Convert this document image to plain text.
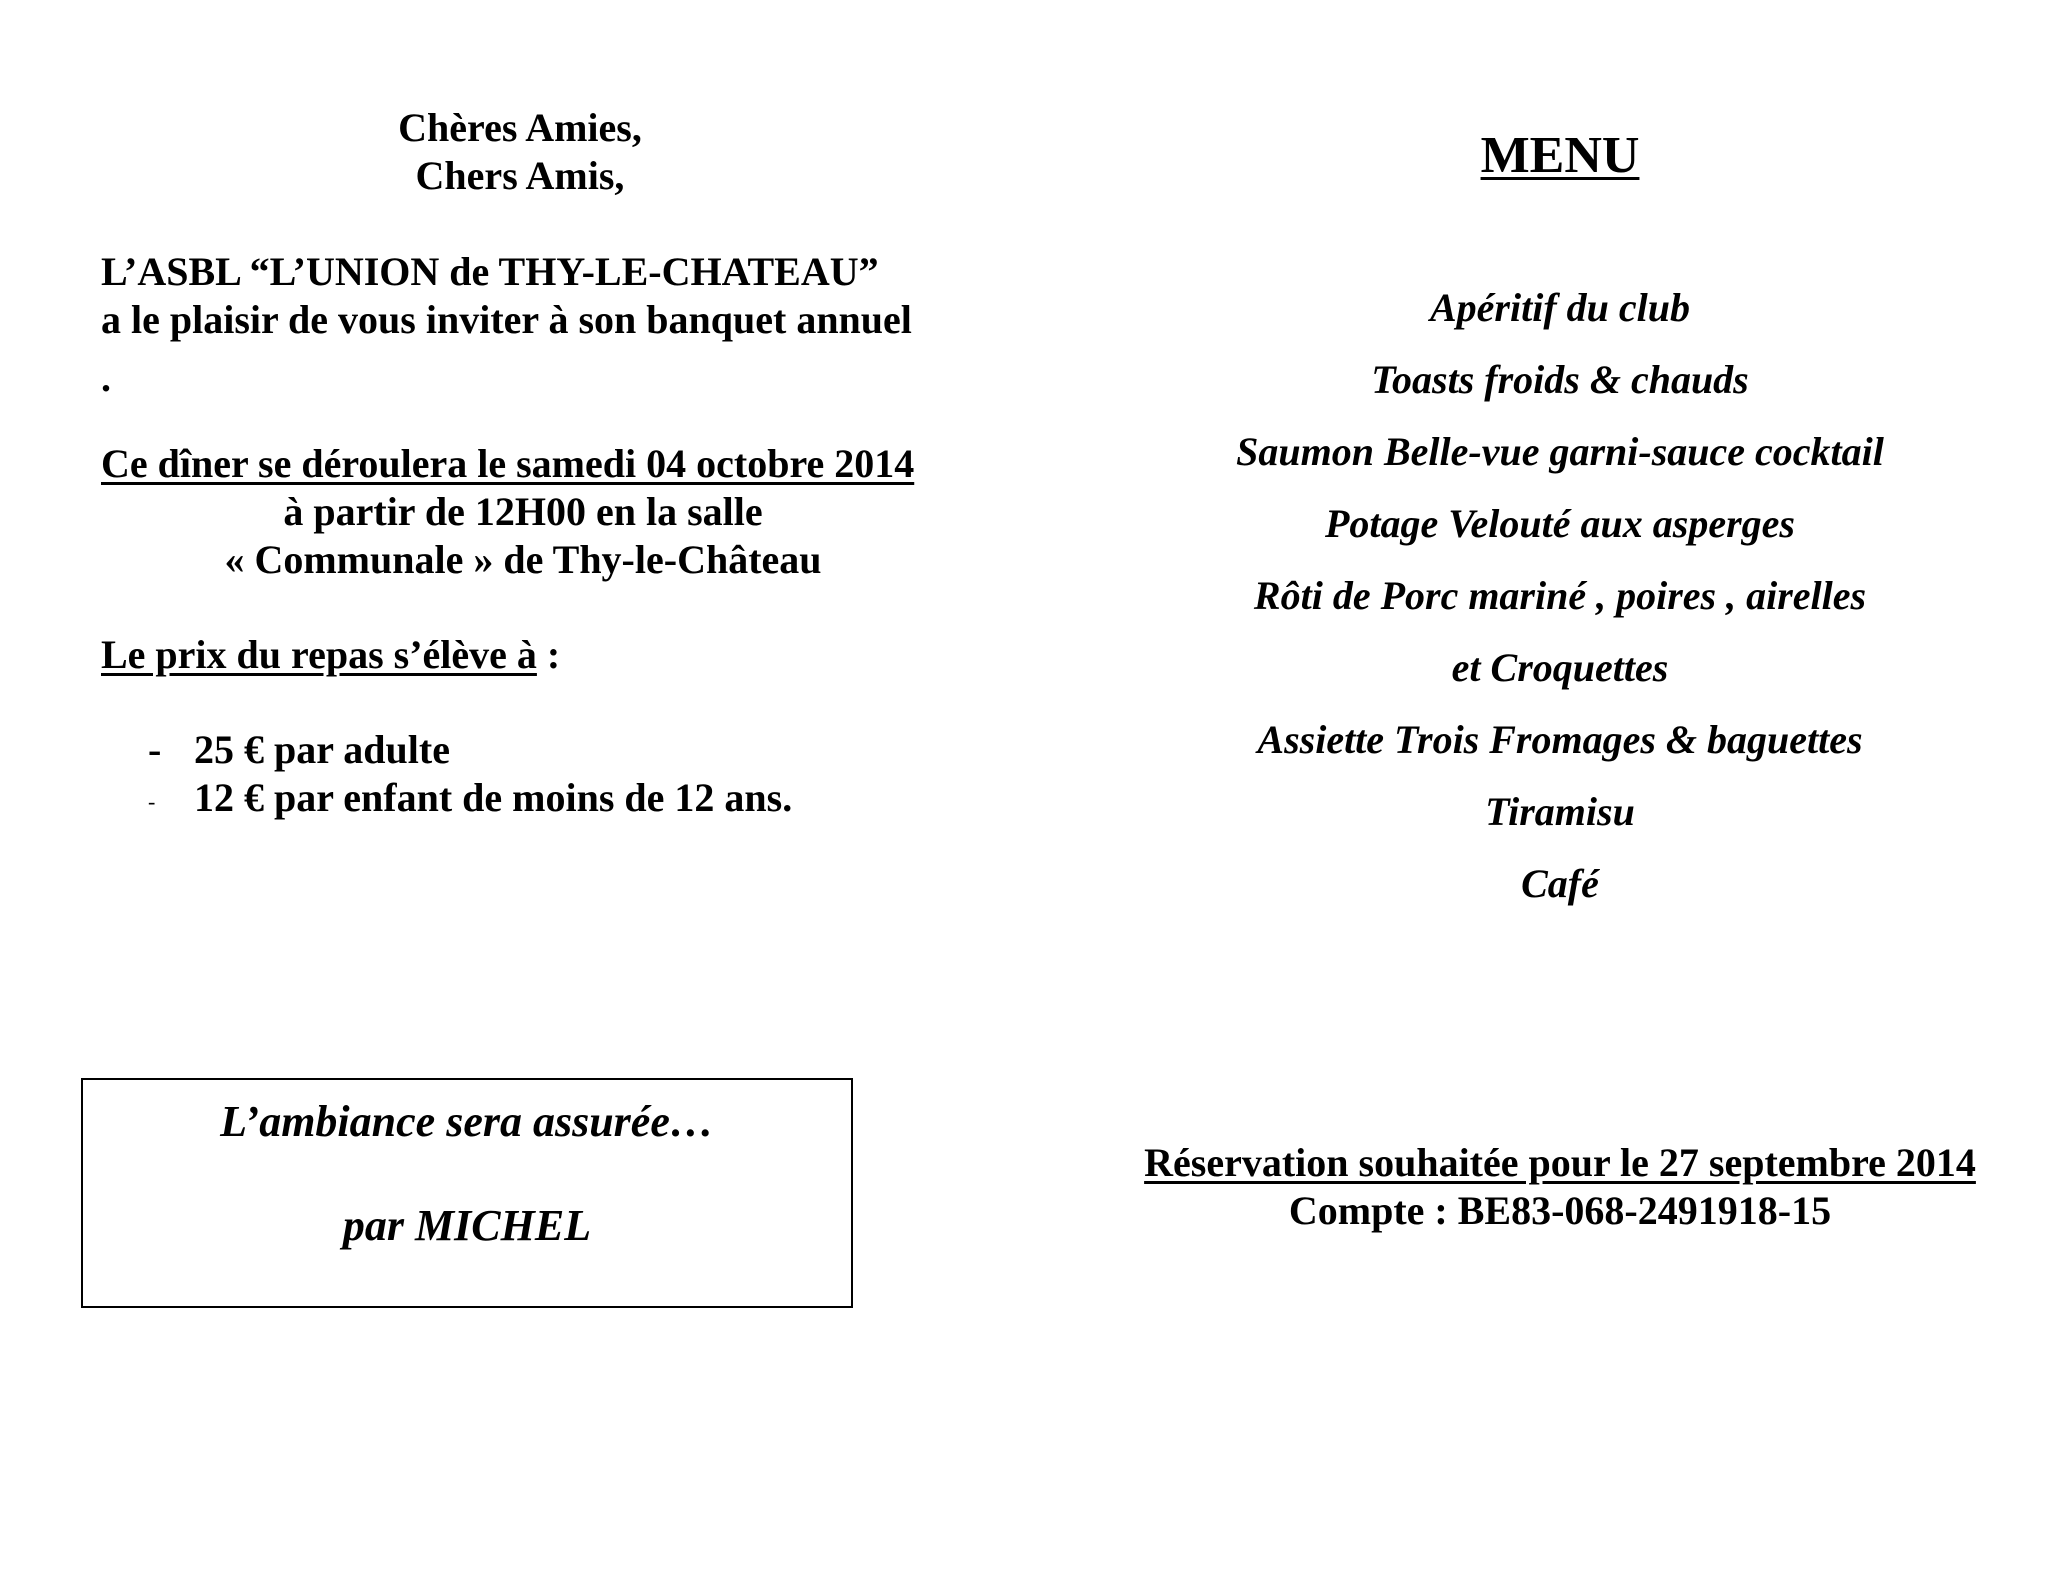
Chères Amies,
Chers Amis,
L’ASBL “L’UNION de THY-LE-CHATEAU”
a le plaisir de vous inviter à son banquet annuel
.
Ce dîner se déroulera le samedi 04 octobre 2014
à partir de 12H00 en la salle
« Communale » de Thy-le-Château
Le prix du repas s’élève à :
- 25 € par adulte
- 12 € par enfant de moins de 12 ans.
L’ambiance sera assurée…
par MICHEL
MENU
Apéritif du club
Toasts froids & chauds
Saumon Belle-vue garni-sauce cocktail
Potage Velouté aux asperges
Rôti de Porc mariné , poires , airelles
et Croquettes
Assiette Trois Fromages & baguettes
Tiramisu
Café
Réservation souhaitée pour le 27 septembre 2014
Compte : BE83-068-2491918-15
